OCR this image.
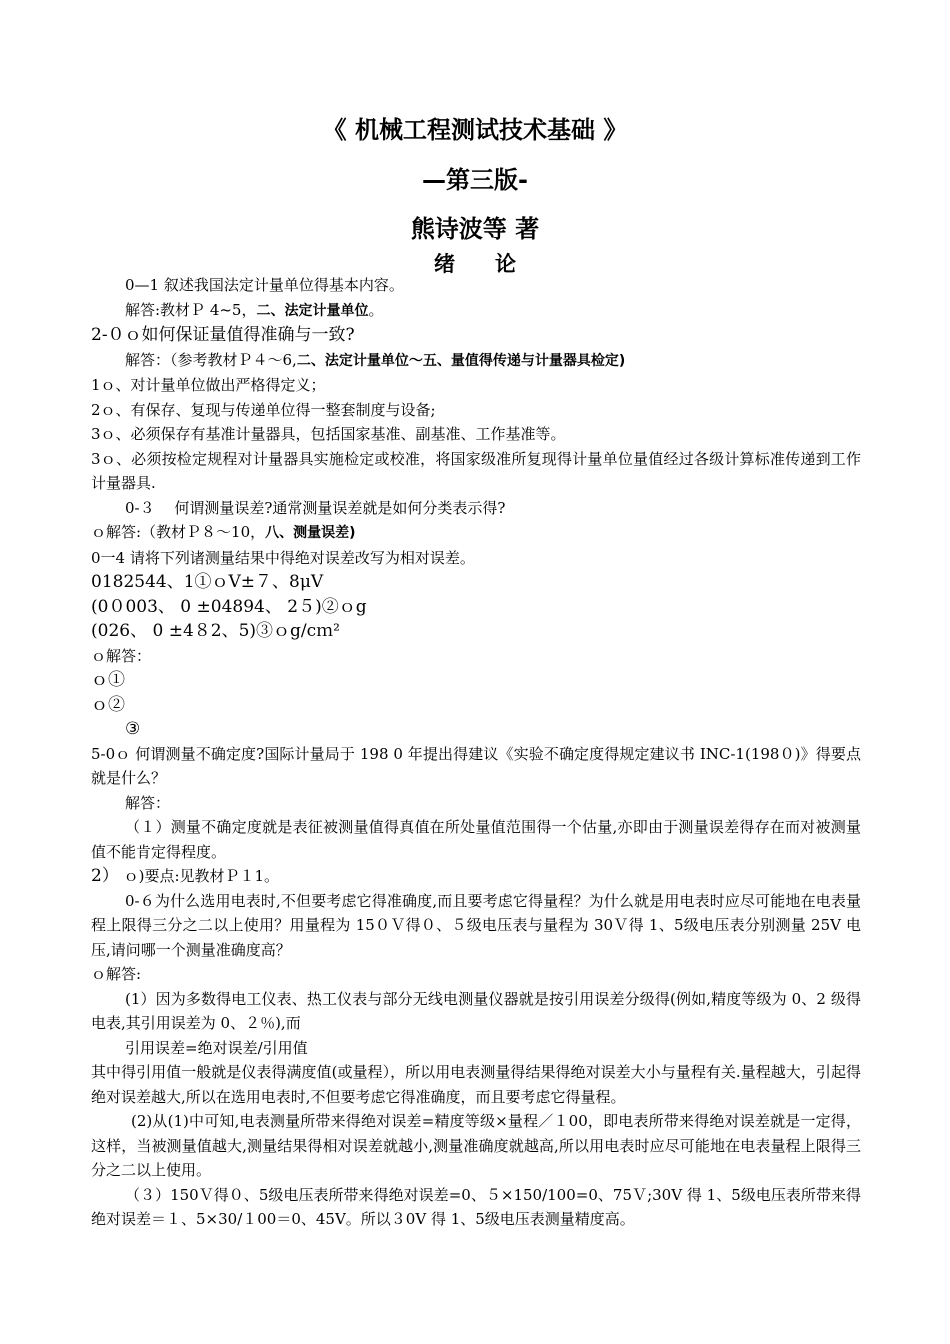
《 机械工程测试技术基础 》
—第三版-
熊诗波等 著
绪论

0—1 叙述我国法定计量单位得基本内容。

解答:教材Ｐ 4~5，二、法定计量单位。

2-０ｏ如何保证量值得准确与一致?

解答：（参考教材Ｐ４～6,二、法定计量单位～五、量值得传递与计量器具检定)

1ｏ、对计量单位做出严格得定义；

2ｏ、有保存、复现与传递单位得一整套制度与设备;

3ｏ、必须保存有基准计量器具，包括国家基准、副基准、工作基准等。

3ｏ、必须按检定规程对计量器具实施检定或校准，将国家级准所复现得计量单位量值经过各级计算标准传递到工作计量器具.

0-３　 何谓测量误差?通常测量误差就是如何分类表示得?

ｏ解答:（教材Ｐ８～10，八、测量误差)

0一4 请将下列诸测量结果中得绝对误差改写为相对误差。

0182544、1①ｏV±７、8μV

(0０003、 0 ±04894、 2５)②ｏg

(026、 0 ±4８2、5)③ｏg/cｍ²

ｏ解答：

ｏ①

ｏ②

③

5-0ｏ 何谓测量不确定度?国际计量局于 198 0 年提出得建议《实验不确定度得规定建议书 INC-1(198０)》得要点就是什么？

解答：

（１）测量不确定度就是表征被测量值得真值在所处量值范围得一个估量,亦即由于测量误差得存在而对被测量值不能肯定得程度。

2） ｏ)要点:见教材Ｐ１1。

0-６为什么选用电表时,不但要考虑它得准确度,而且要考虑它得量程？为什么就是用电表时应尽可能地在电表量程上限得三分之二以上使用？用量程为 15０Ｖ得０、５级电压表与量程为 30Ｖ得 1、5级电压表分别测量 25V 电压,请问哪一个测量准确度高？

ｏ解答:

(1）因为多数得电工仪表、热工仪表与部分无线电测量仪器就是按引用误差分级得(例如,精度等级为 0、2 级得电表,其引用误差为 0、２％),而

引用误差=绝对误差/引用值

其中得引用值一般就是仪表得满度值(或量程），所以用电表测量得结果得绝对误差大小与量程有关.量程越大，引起得绝对误差越大,所以在选用电表时,不但要考虑它得准确度，而且要考虑它得量程。

(2)从(1)中可知,电表测量所带来得绝对误差=精度等级×量程／１00，即电表所带来得绝对误差就是一定得，这样，当被测量值越大,测量结果得相对误差就越小,测量准确度就越高,所以用电表时应尽可能地在电表量程上限得三分之二以上使用。

（３）150Ｖ得０、5级电压表所带来得绝对误差=0、５×150/100=0、75Ｖ;30V 得 1、5级电压表所带来得绝对误差＝１、5×30/１00＝0、45V。所以３0V 得 1、5级电压表测量精度高。
